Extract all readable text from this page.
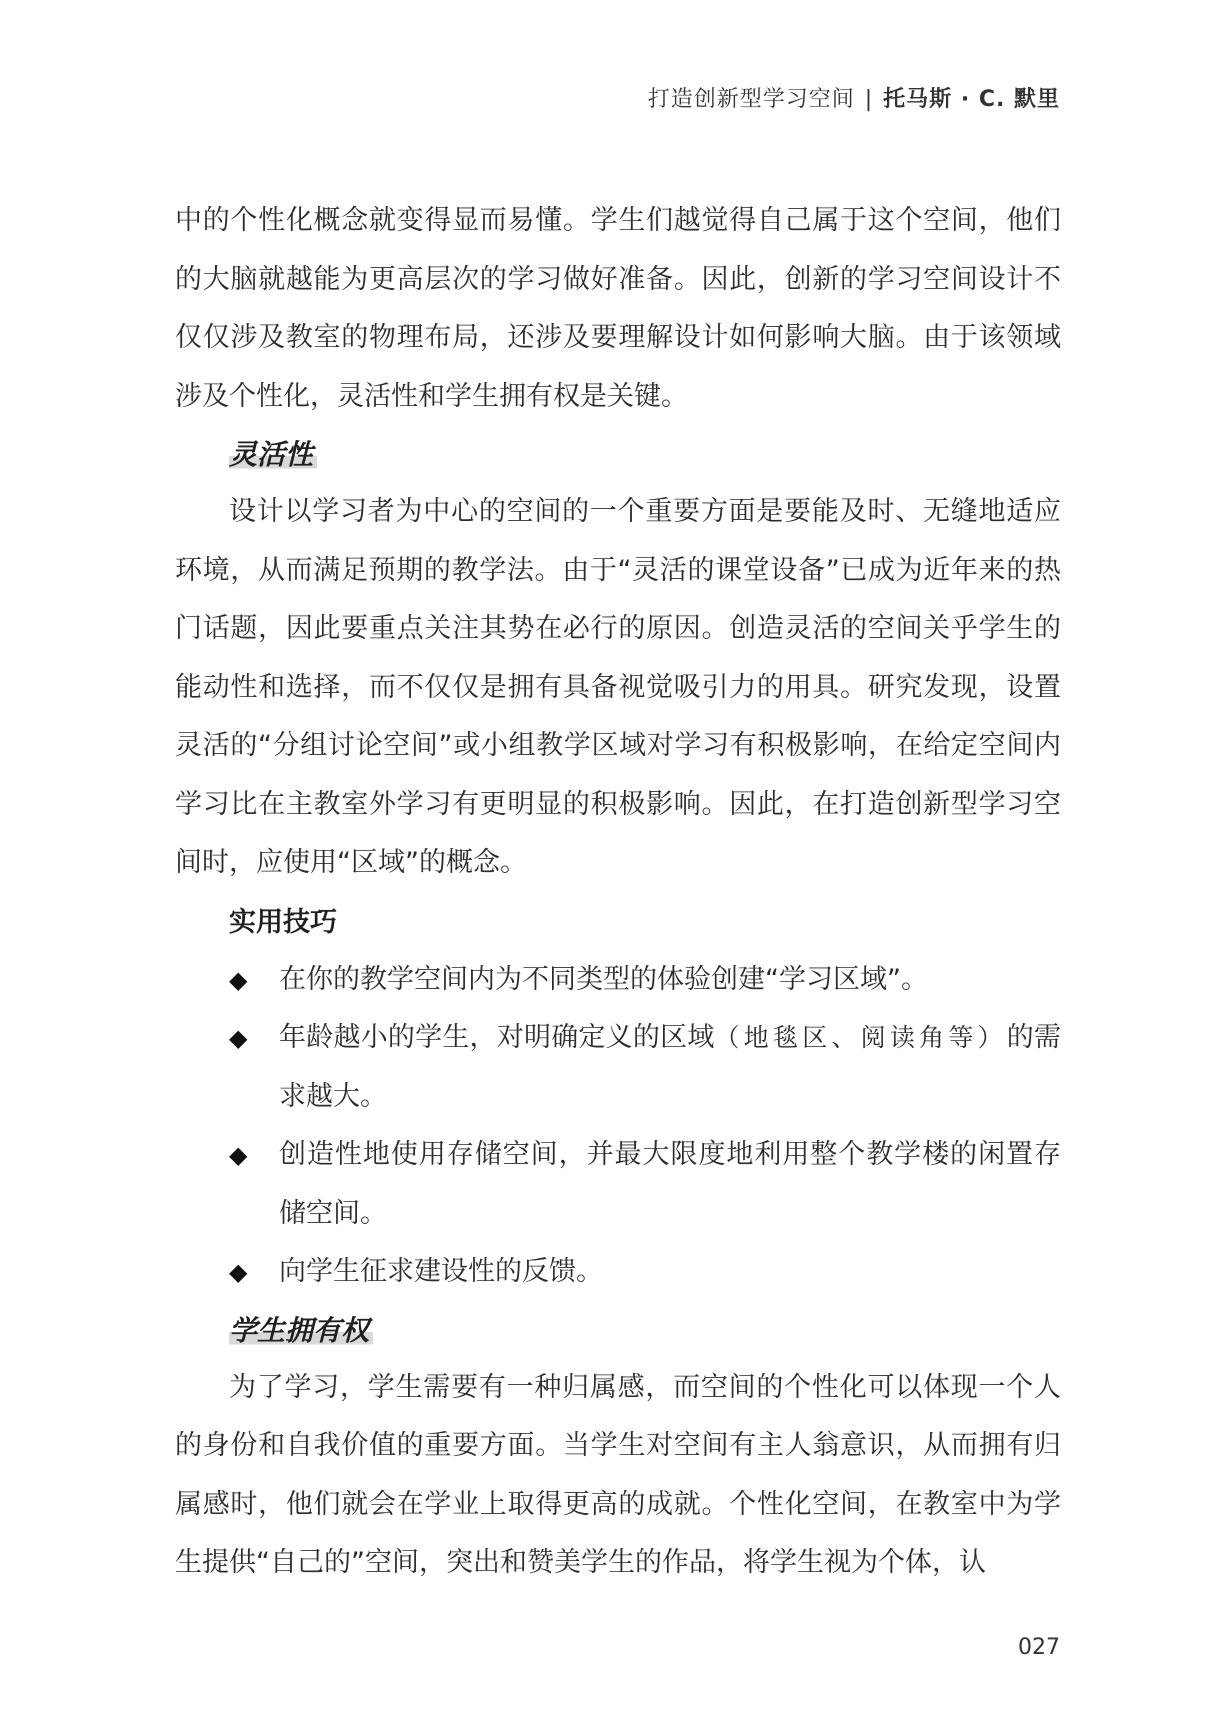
打造创新型学习空间 | 托马斯 · C. 默里

中的个性化概念就变得显而易懂。学生们越觉得自己属于这个空间，他们的大脑就越能为更高层次的学习做好准备。因此，创新的学习空间设计不仅仅涉及教室的物理布局，还涉及要理解设计如何影响大脑。由于该领域涉及个性化，灵活性和学生拥有权是关键。

灵活性

设计以学习者为中心的空间的一个重要方面是要能及时、无缝地适应环境，从而满足预期的教学法。由于“灵活的课堂设备”已成为近年来的热门话题，因此要重点关注其势在必行的原因。创造灵活的空间关乎学生的能动性和选择，而不仅仅是拥有具备视觉吸引力的用具。研究发现，设置灵活的“分组讨论空间”或小组教学区域对学习有积极影响，在给定空间内学习比在主教室外学习有更明显的积极影响。因此，在打造创新型学习空间时，应使用“区域”的概念。

实用技巧
◆ 在你的教学空间内为不同类型的体验创建“学习区域”。
◆ 年龄越小的学生，对明确定义的区域（地毯区、阅读角等）的需求越大。
◆ 创造性地使用存储空间，并最大限度地利用整个教学楼的闲置存储空间。
◆ 向学生征求建设性的反馈。
学生拥有权

为了学习，学生需要有一种归属感，而空间的个性化可以体现一个人的身份和自我价值的重要方面。当学生对空间有主人翁意识，从而拥有归属感时，他们就会在学业上取得更高的成就。个性化空间，在教室中为学生提供“自己的”空间，突出和赞美学生的作品，将学生视为个体，认

027
